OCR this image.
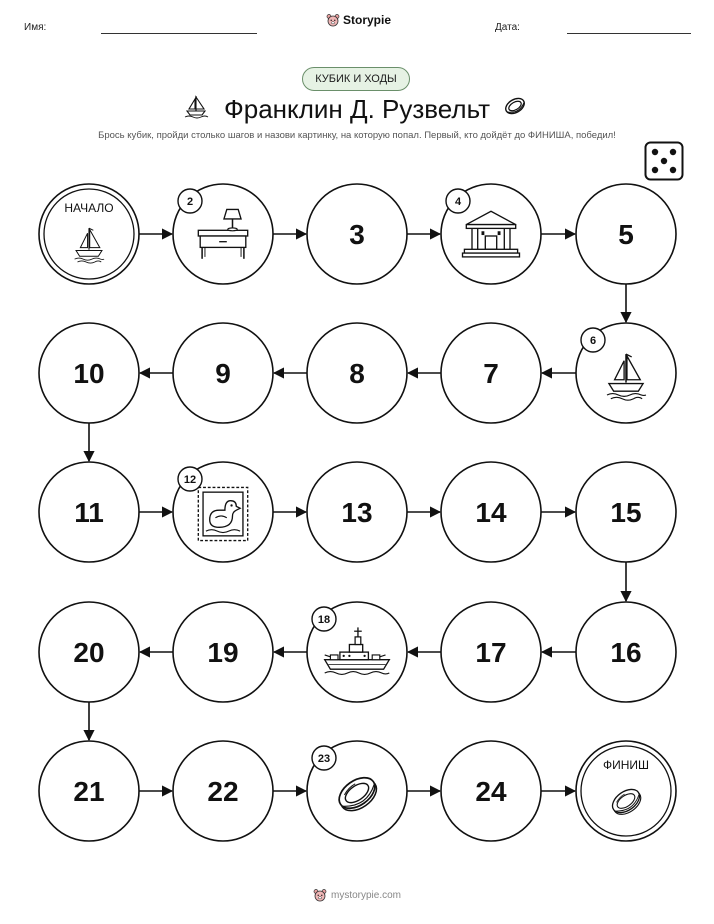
Имя:
Storypie
Дата:
КУБИК И ХОДЫ
Франклин Д. Рузвельт
Брось кубик, пройди столько шагов и назови картинку, на которую попал. Первый, кто дойдёт до ФИНИША, победил!
НАЧАЛО	2
3
4
5
6
7
8
9
10
11
12
13	14	15
16
17
18
19
20
21	22
23
24
ФИНИШ
mystorypie.com
